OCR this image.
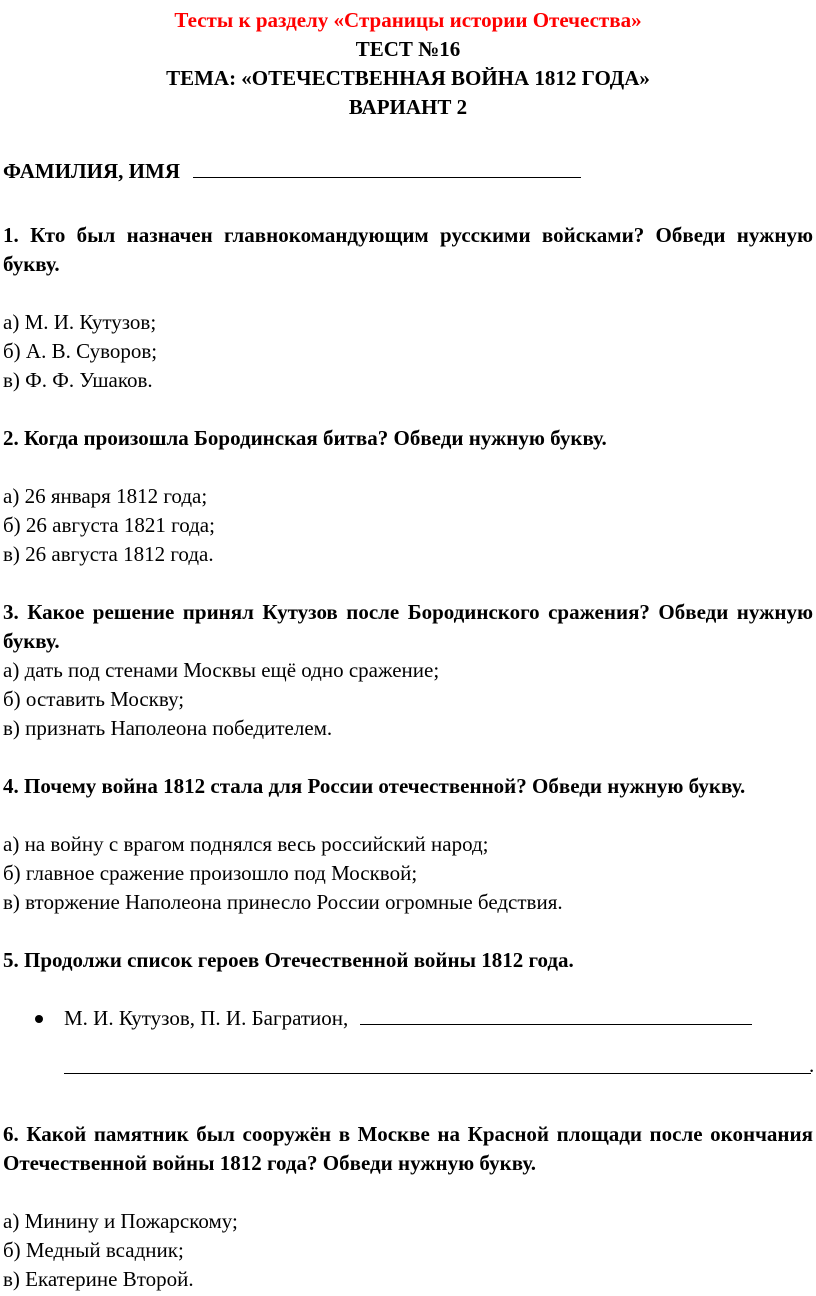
Тесты к разделу «Страницы истории Отечества»
ТЕСТ №16
ТЕМА: «ОТЕЧЕСТВЕННАЯ ВОЙНА 1812 ГОДА»
ВАРИАНТ 2
ФАМИЛИЯ, ИМЯ
1. Кто был назначен главнокомандующим русскими войсками? Обведи нужную букву.
а) М. И. Кутузов;
б) А. В. Суворов;
в) Ф. Ф. Ушаков.
2. Когда произошла Бородинская битва? Обведи нужную букву.
а) 26 января 1812 года;
б) 26 августа 1821 года;
в) 26 августа 1812 года.
3. Какое решение принял Кутузов после Бородинского сражения? Обведи нужную букву.
а) дать под стенами Москвы ещё одно сражение;
б) оставить Москву;
в) признать Наполеона победителем.
4. Почему война 1812 стала для России отечественной? Обведи нужную букву.
а) на войну с врагом поднялся весь российский народ;
б) главное сражение произошло под Москвой;
в) вторжение Наполеона принесло России огромные бедствия.
5. Продолжи список героев Отечественной войны 1812 года.
М. И. Кутузов, П. И. Багратион,
.
6. Какой памятник был сооружён в Москве на Красной площади после окончания Отечественной войны 1812 года? Обведи нужную букву.
а) Минину и Пожарскому;
б) Медный всадник;
в) Екатерине Второй.
